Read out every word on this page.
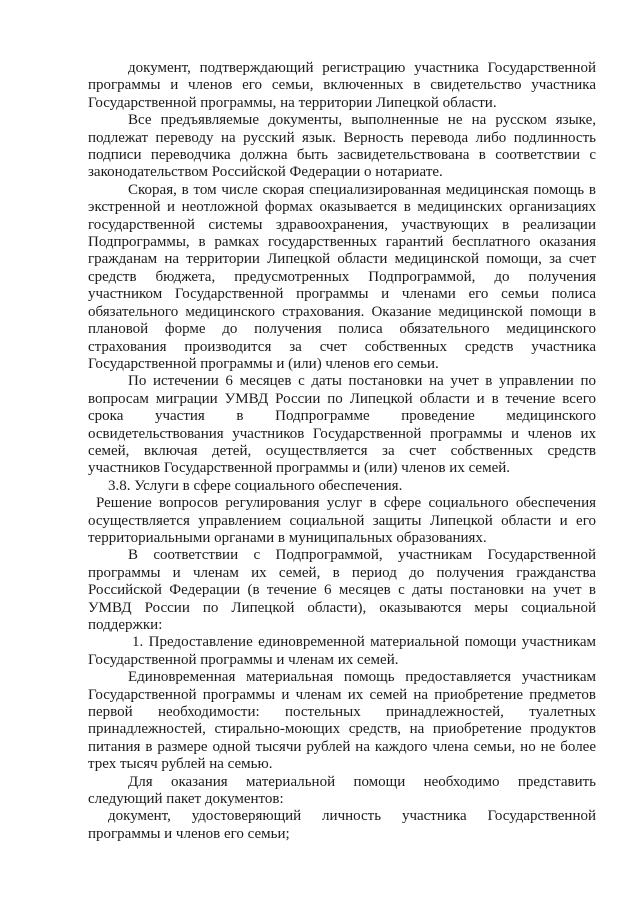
документ, подтверждающий регистрацию участника Государственной программы и членов его семьи, включенных в свидетельство участника Государственной программы, на территории Липецкой области.

Все предъявляемые документы, выполненные не на русском языке, подлежат переводу на русский язык. Верность перевода либо подлинность подписи переводчика должна быть засвидетельствована в соответствии с законодательством Российской Федерации о нотариате.

Скорая, в том числе скорая специализированная медицинская помощь в экстренной и неотложной формах оказывается в медицинских организациях государственной системы здравоохранения, участвующих в реализации Подпрограммы, в рамках государственных гарантий бесплатного оказания гражданам на территории Липецкой области медицинской помощи, за счет средств бюджета, предусмотренных Подпрограммой, до получения участником Государственной программы и членами его семьи полиса обязательного медицинского страхования. Оказание медицинской помощи в плановой форме до получения полиса обязательного медицинского страхования производится за счет собственных средств участника Государственной программы и (или) членов его семьи.

По истечении 6 месяцев с даты постановки на учет в управлении по вопросам миграции УМВД России по Липецкой области и в течение всего срока участия в Подпрограмме проведение медицинского освидетельствования участников Государственной программы и членов их семей, включая детей, осуществляется за счет собственных средств участников Государственной программы и (или) членов их семей.

3.8. Услуги в сфере социального обеспечения.

Решение вопросов регулирования услуг в сфере социального обеспечения осуществляется управлением социальной защиты Липецкой области и его территориальными органами в муниципальных образованиях.

В соответствии с Подпрограммой, участникам Государственной программы и членам их семей, в период до получения гражданства Российской Федерации (в течение 6 месяцев с даты постановки на учет в УМВД России по Липецкой области), оказываются меры социальной поддержки:

1. Предоставление единовременной материальной помощи участникам Государственной программы и членам их семей.

Единовременная материальная помощь предоставляется участникам Государственной программы и членам их семей на приобретение предметов первой необходимости: постельных принадлежностей, туалетных принадлежностей, стирально-моющих средств, на приобретение продуктов питания в размере одной тысячи рублей на каждого члена семьи, но не более трех тысяч рублей на семью.

Для оказания материальной помощи необходимо представить следующий пакет документов:

документ, удостоверяющий личность участника Государственной программы и членов его семьи;
